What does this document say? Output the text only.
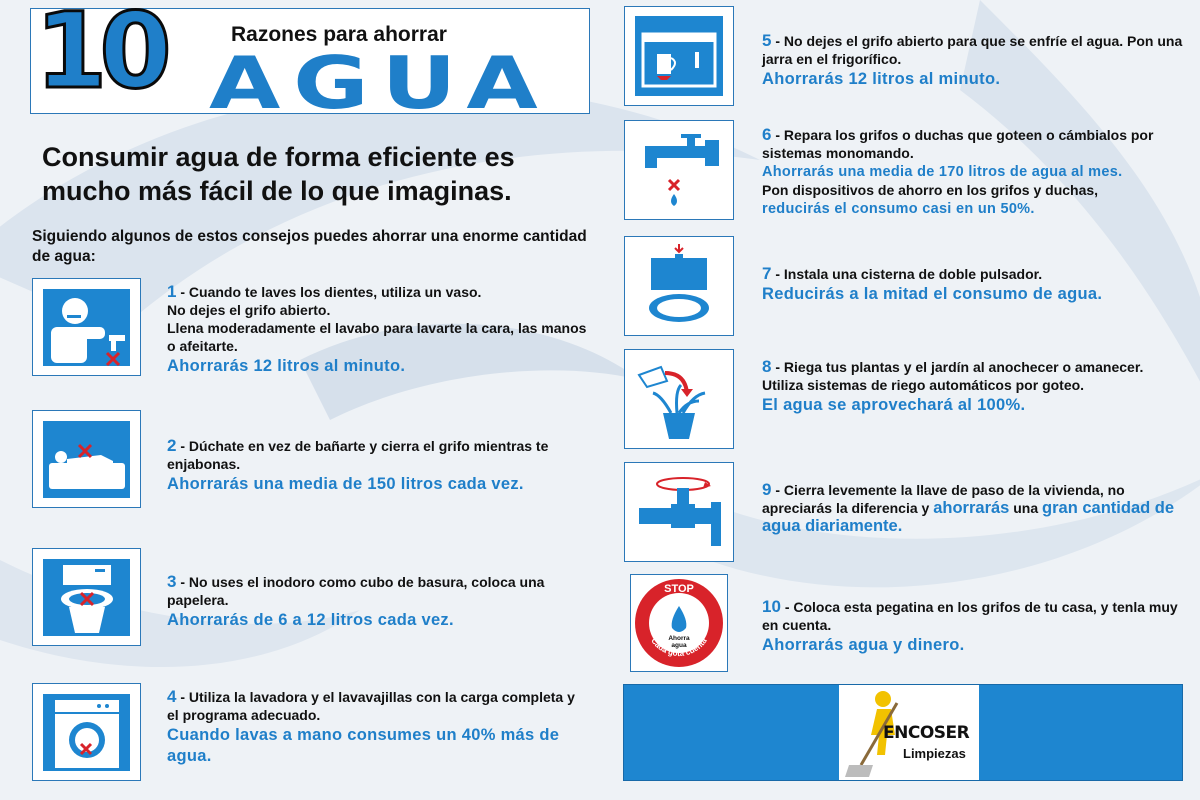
10	Razones para ahorrar
AGUA
Consumir agua de forma eficiente es mucho más fácil de lo que imaginas.
Siguiendo algunos de estos consejos puedes ahorrar una enorme cantidad de agua:
1 - Cuando te laves los dientes, utiliza un vaso.
No dejes el grifo abierto.
Llena moderadamente el lavabo para lavarte la cara, las manos o afeitarte.
Ahorrarás 12 litros al minuto.
2 - Dúchate en vez de bañarte y cierra el grifo mientras te enjabonas.
Ahorrarás una media de 150 litros cada vez.
3 - No uses el inodoro como cubo de basura, coloca una papelera.
Ahorrarás de 6 a 12 litros cada vez.
4 - Utiliza la lavadora y el lavavajillas con la carga completa y el programa adecuado.
Cuando lavas a mano consumes un 40% más de agua.
5 - No dejes el grifo abierto para que se enfríe el agua. Pon una jarra en el frigorífico.
Ahorrarás 12 litros al minuto.
6 - Repara los grifos o duchas que goteen o cámbialos por sistemas monomando.
Ahorrarás una media de 170 litros de agua al mes.
Pon dispositivos de ahorro en los grifos y duchas,
reducirás el consumo casi en un 50%.
7 - Instala una cisterna de doble pulsador.
Reducirás a la mitad el consumo de agua.
8 - Riega tus plantas y el jardín al anochecer o amanecer.
Utiliza sistemas de riego automáticos por goteo.
El agua se aprovechará al 100%.
9 - Cierra levemente la llave de paso de la vivienda, no apreciarás la diferencia y ahorrarás una gran cantidad de agua diariamente.
STOP
Ahorra
agua
Cada gota cuenta
10 - Coloca esta pegatina en los grifos de tu casa, y tenla muy en cuenta.
Ahorrarás agua y dinero.
ENCOSER
Limpiezas
